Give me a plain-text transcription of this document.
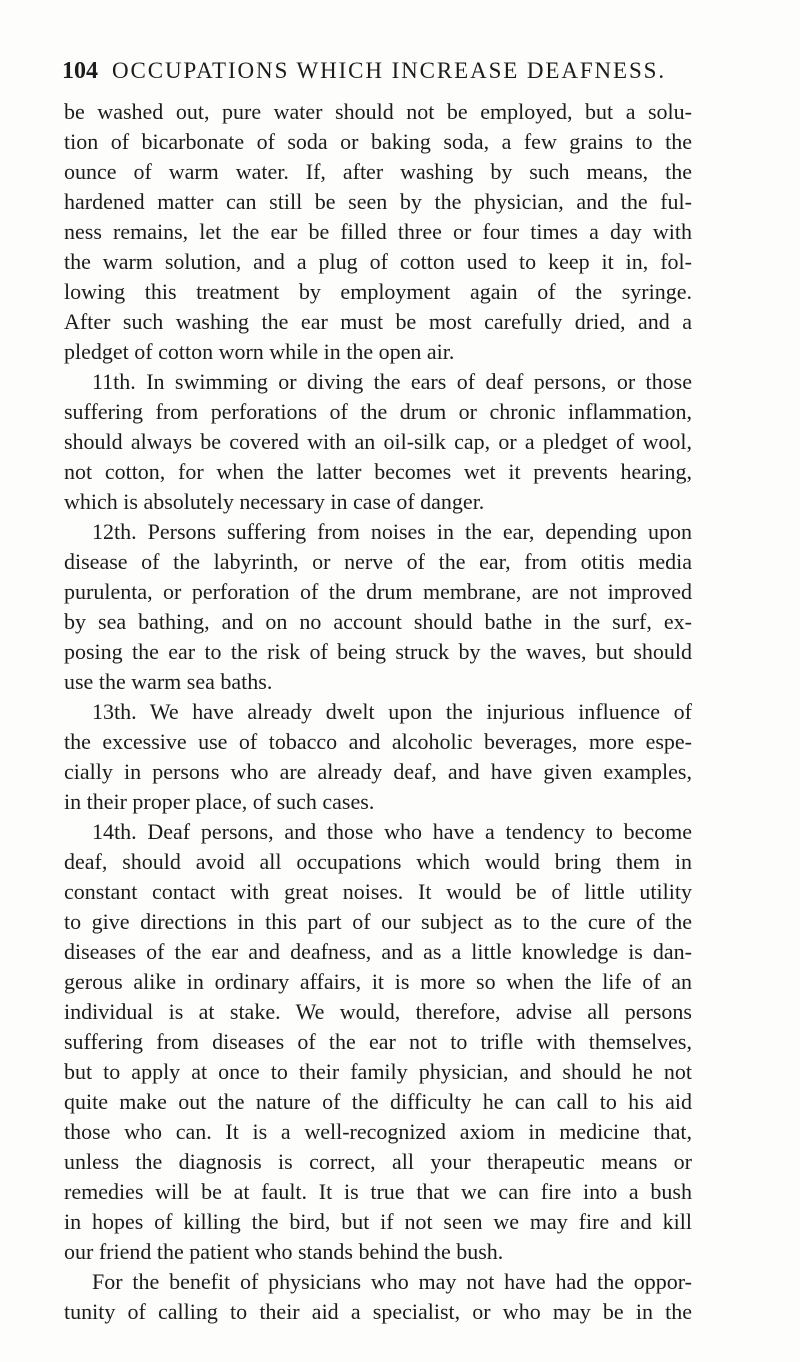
104 OCCUPATIONS WHICH INCREASE DEAFNESS.
be washed out, pure water should not be employed, but a solu-
tion of bicarbonate of soda or baking soda, a few grains to the
ounce of warm water. If, after washing by such means, the
hardened matter can still be seen by the physician, and the ful-
ness remains, let the ear be filled three or four times a day with
the warm solution, and a plug of cotton used to keep it in, fol-
lowing this treatment by employment again of the syringe.
After such washing the ear must be most carefully dried, and a
pledget of cotton worn while in the open air.
11th. In swimming or diving the ears of deaf persons, or those
suffering from perforations of the drum or chronic inflammation,
should always be covered with an oil-silk cap, or a pledget of wool,
not cotton, for when the latter becomes wet it prevents hearing,
which is absolutely necessary in case of danger.
12th. Persons suffering from noises in the ear, depending upon
disease of the labyrinth, or nerve of the ear, from otitis media
purulenta, or perforation of the drum membrane, are not improved
by sea bathing, and on no account should bathe in the surf, ex-
posing the ear to the risk of being struck by the waves, but should
use the warm sea baths.
13th. We have already dwelt upon the injurious influence of
the excessive use of tobacco and alcoholic beverages, more espe-
cially in persons who are already deaf, and have given examples,
in their proper place, of such cases.
14th. Deaf persons, and those who have a tendency to become
deaf, should avoid all occupations which would bring them in
constant contact with great noises. It would be of little utility
to give directions in this part of our subject as to the cure of the
diseases of the ear and deafness, and as a little knowledge is dan-
gerous alike in ordinary affairs, it is more so when the life of an
individual is at stake. We would, therefore, advise all persons
suffering from diseases of the ear not to trifle with themselves,
but to apply at once to their family physician, and should he not
quite make out the nature of the difficulty he can call to his aid
those who can. It is a well-recognized axiom in medicine that,
unless the diagnosis is correct, all your therapeutic means or
remedies will be at fault. It is true that we can fire into a bush
in hopes of killing the bird, but if not seen we may fire and kill
our friend the patient who stands behind the bush.
For the benefit of physicians who may not have had the oppor-
tunity of calling to their aid a specialist, or who may be in the
